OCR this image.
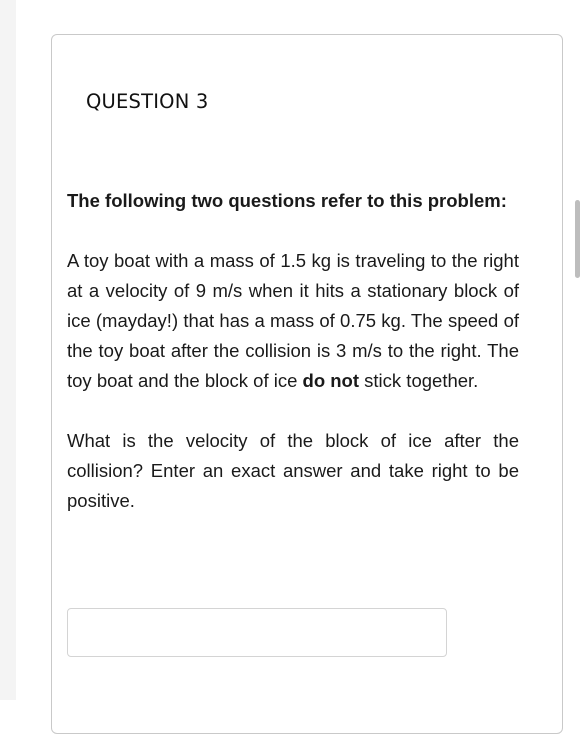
QUESTION 3

The following two questions refer to this problem:

A toy boat with a mass of 1.5 kg is traveling to the right at a velocity of 9 m/s when it hits a stationary block of ice (mayday!) that has a mass of 0.75 kg. The speed of the toy boat after the collision is 3 m/s to the right. The toy boat and the block of ice do not stick together.

What is the velocity of the block of ice after the collision? Enter an exact answer and take right to be positive.
